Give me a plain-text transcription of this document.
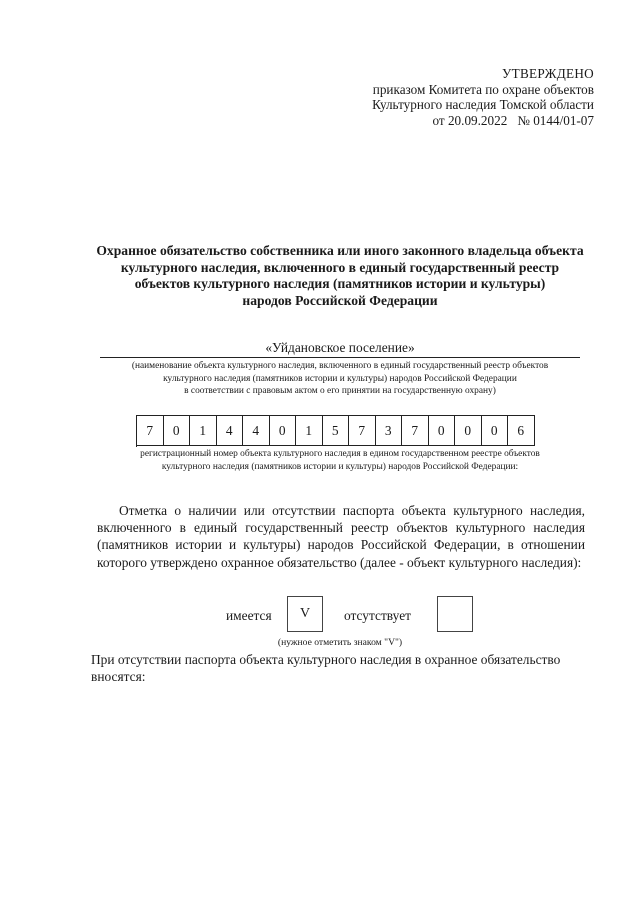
УТВЕРЖДЕНО
приказом Комитета по охране объектов
Культурного наследия Томской области
от 20.09.2022 № 0144/01-07
Охранное обязательство собственника или иного законного владельца объекта
культурного наследия, включенного в единый государственный реестр
объектов культурного наследия (памятников истории и культуры)
народов Российской Федерации
«Уйдановское поселение»
(наименование объекта культурного наследия, включенного в единый государственный реестр объектов
культурного наследия (памятников истории и культуры) народов Российской Федерации
в соответствии с правовым актом о его принятии на государственную охрану)
7	0	1	4	4	0	1	5	7	3	7	0	0	0	6
регистрационный номер объекта культурного наследия в едином государственном реестре объектов
культурного наследия (памятников истории и культуры) народов Российской Федерации:
Отметка о наличии или отсутствии паспорта объекта культурного наследия, включенного в единый государственный реестр объектов культурного наследия (памятников истории и культуры) народов Российской Федерации, в отношении которого утверждено охранное обязательство (далее - объект культурного наследия):
имеется	V	отсутствует
(нужное отметить знаком "V")
При отсутствии паспорта объекта культурного наследия в охранное обязательство вносятся:
